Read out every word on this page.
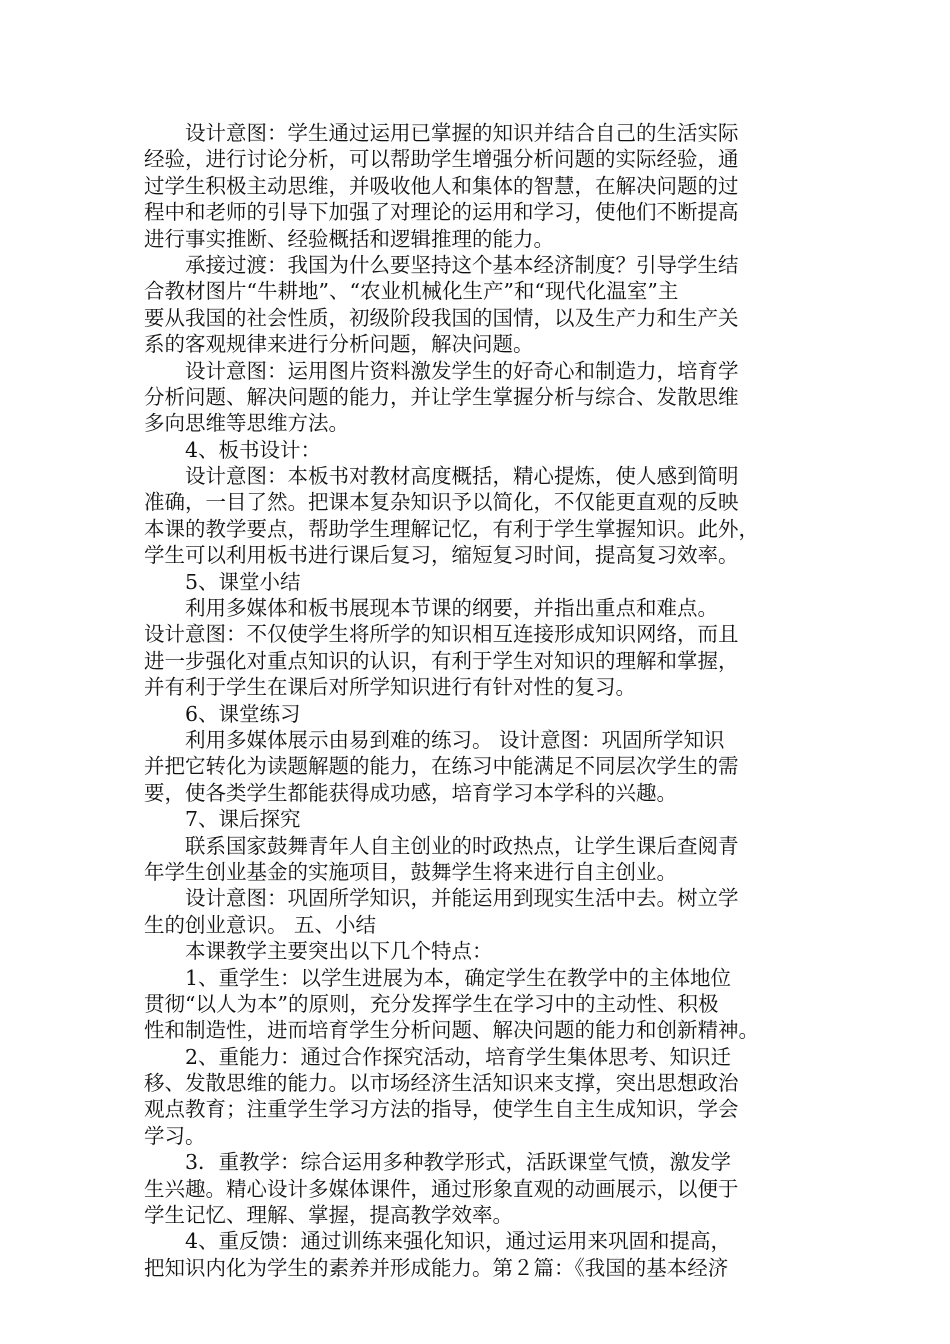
　　设计意图：学生通过运用已掌握的知识并结合自己的生活实际
经验，进行讨论分析，可以帮助学生增强分析问题的实际经验，通
过学生积极主动思维，并吸收他人和集体的智慧，在解决问题的过
程中和老师的引导下加强了对理论的运用和学习，使他们不断提高
进行事实推断、经验概括和逻辑推理的能力。
　　承接过渡：我国为什么要坚持这个基本经济制度？引导学生结
合教材图片“牛耕地”、“农业机械化生产”和“现代化温室”主
要从我国的社会性质，初级阶段我国的国情，以及生产力和生产关
系的客观规律来进行分析问题，解决问题。
　　设计意图：运用图片资料激发学生的好奇心和制造力，培育学
分析问题、解决问题的能力，并让学生掌握分析与综合、发散思维
多向思维等思维方法。
　　4、板书设计：
　　设计意图：本板书对教材高度概括，精心提炼，使人感到简明
准确，一目了然。把课本复杂知识予以简化，不仅能更直观的反映
本课的教学要点，帮助学生理解记忆，有利于学生掌握知识。此外，
学生可以利用板书进行课后复习，缩短复习时间，提高复习效率。
　　5、课堂小结
　　利用多媒体和板书展现本节课的纲要，并指出重点和难点。
设计意图：不仅使学生将所学的知识相互连接形成知识网络，而且
进一步强化对重点知识的认识，有利于学生对知识的理解和掌握，
并有利于学生在课后对所学知识进行有针对性的复习。
　　6、课堂练习
　　利用多媒体展示由易到难的练习。 设计意图：巩固所学知识
并把它转化为读题解题的能力，在练习中能满足不同层次学生的需
要，使各类学生都能获得成功感，培育学习本学科的兴趣。
　　7、课后探究
　　联系国家鼓舞青年人自主创业的时政热点，让学生课后查阅青
年学生创业基金的实施项目，鼓舞学生将来进行自主创业。
　　设计意图：巩固所学知识，并能运用到现实生活中去。树立学
生的创业意识。 五、小结
　　本课教学主要突出以下几个特点：
　　1、重学生：以学生进展为本，确定学生在教学中的主体地位
贯彻“以人为本”的原则，充分发挥学生在学习中的主动性、积极
性和制造性，进而培育学生分析问题、解决问题的能力和创新精神。
　　2、重能力：通过合作探究活动，培育学生集体思考、知识迁
移、发散思维的能力。以市场经济生活知识来支撑，突出思想政治
观点教育；注重学生学习方法的指导，使学生自主生成知识，学会
学习。
　　3．重教学：综合运用多种教学形式，活跃课堂气愤，激发学
生兴趣。精心设计多媒体课件，通过形象直观的动画展示，以便于
学生记忆、理解、掌握，提高教学效率。
　　4、重反馈：通过训练来强化知识，通过运用来巩固和提高，
把知识内化为学生的素养并形成能力。第２篇：《我国的基本经济
